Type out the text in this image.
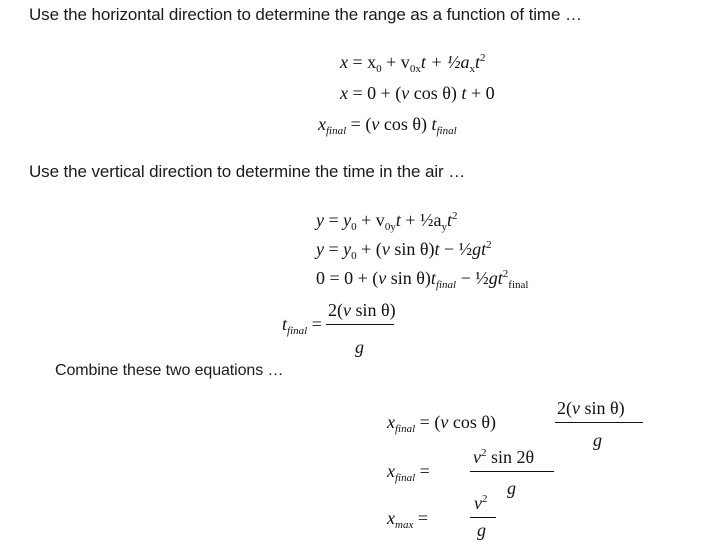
Use the horizontal direction to determine the range as a function of time …
Use the vertical direction to determine the time in the air …
Combine these two equations …
$x = x_0 + v_{0x}t$ + $\frac{1}{2}a_xt^2$
x = 0 + (v cos θ) t + 0
$x_{final} = (v$ cos θ) $t_{final}$
$y = y_0 + v_{0y}t$ + $\frac{1}{2}a_yt^2$
$y = y_0 + (v$ $\sin \theta)t - \frac{1}{2}gt^2$
0 = 0 + (v $\sin \theta)t_{final}$ − $\frac{1}{2}gt^2_{final}$
$t_{final}$ =
2(v sin θ)
g
$x_{final} = (v$ cos θ)
2(v sin θ)
g
$x_{final}$ =
$v^2$ sin 2θ
g
$x_{max}$ =
$v^2$
g
